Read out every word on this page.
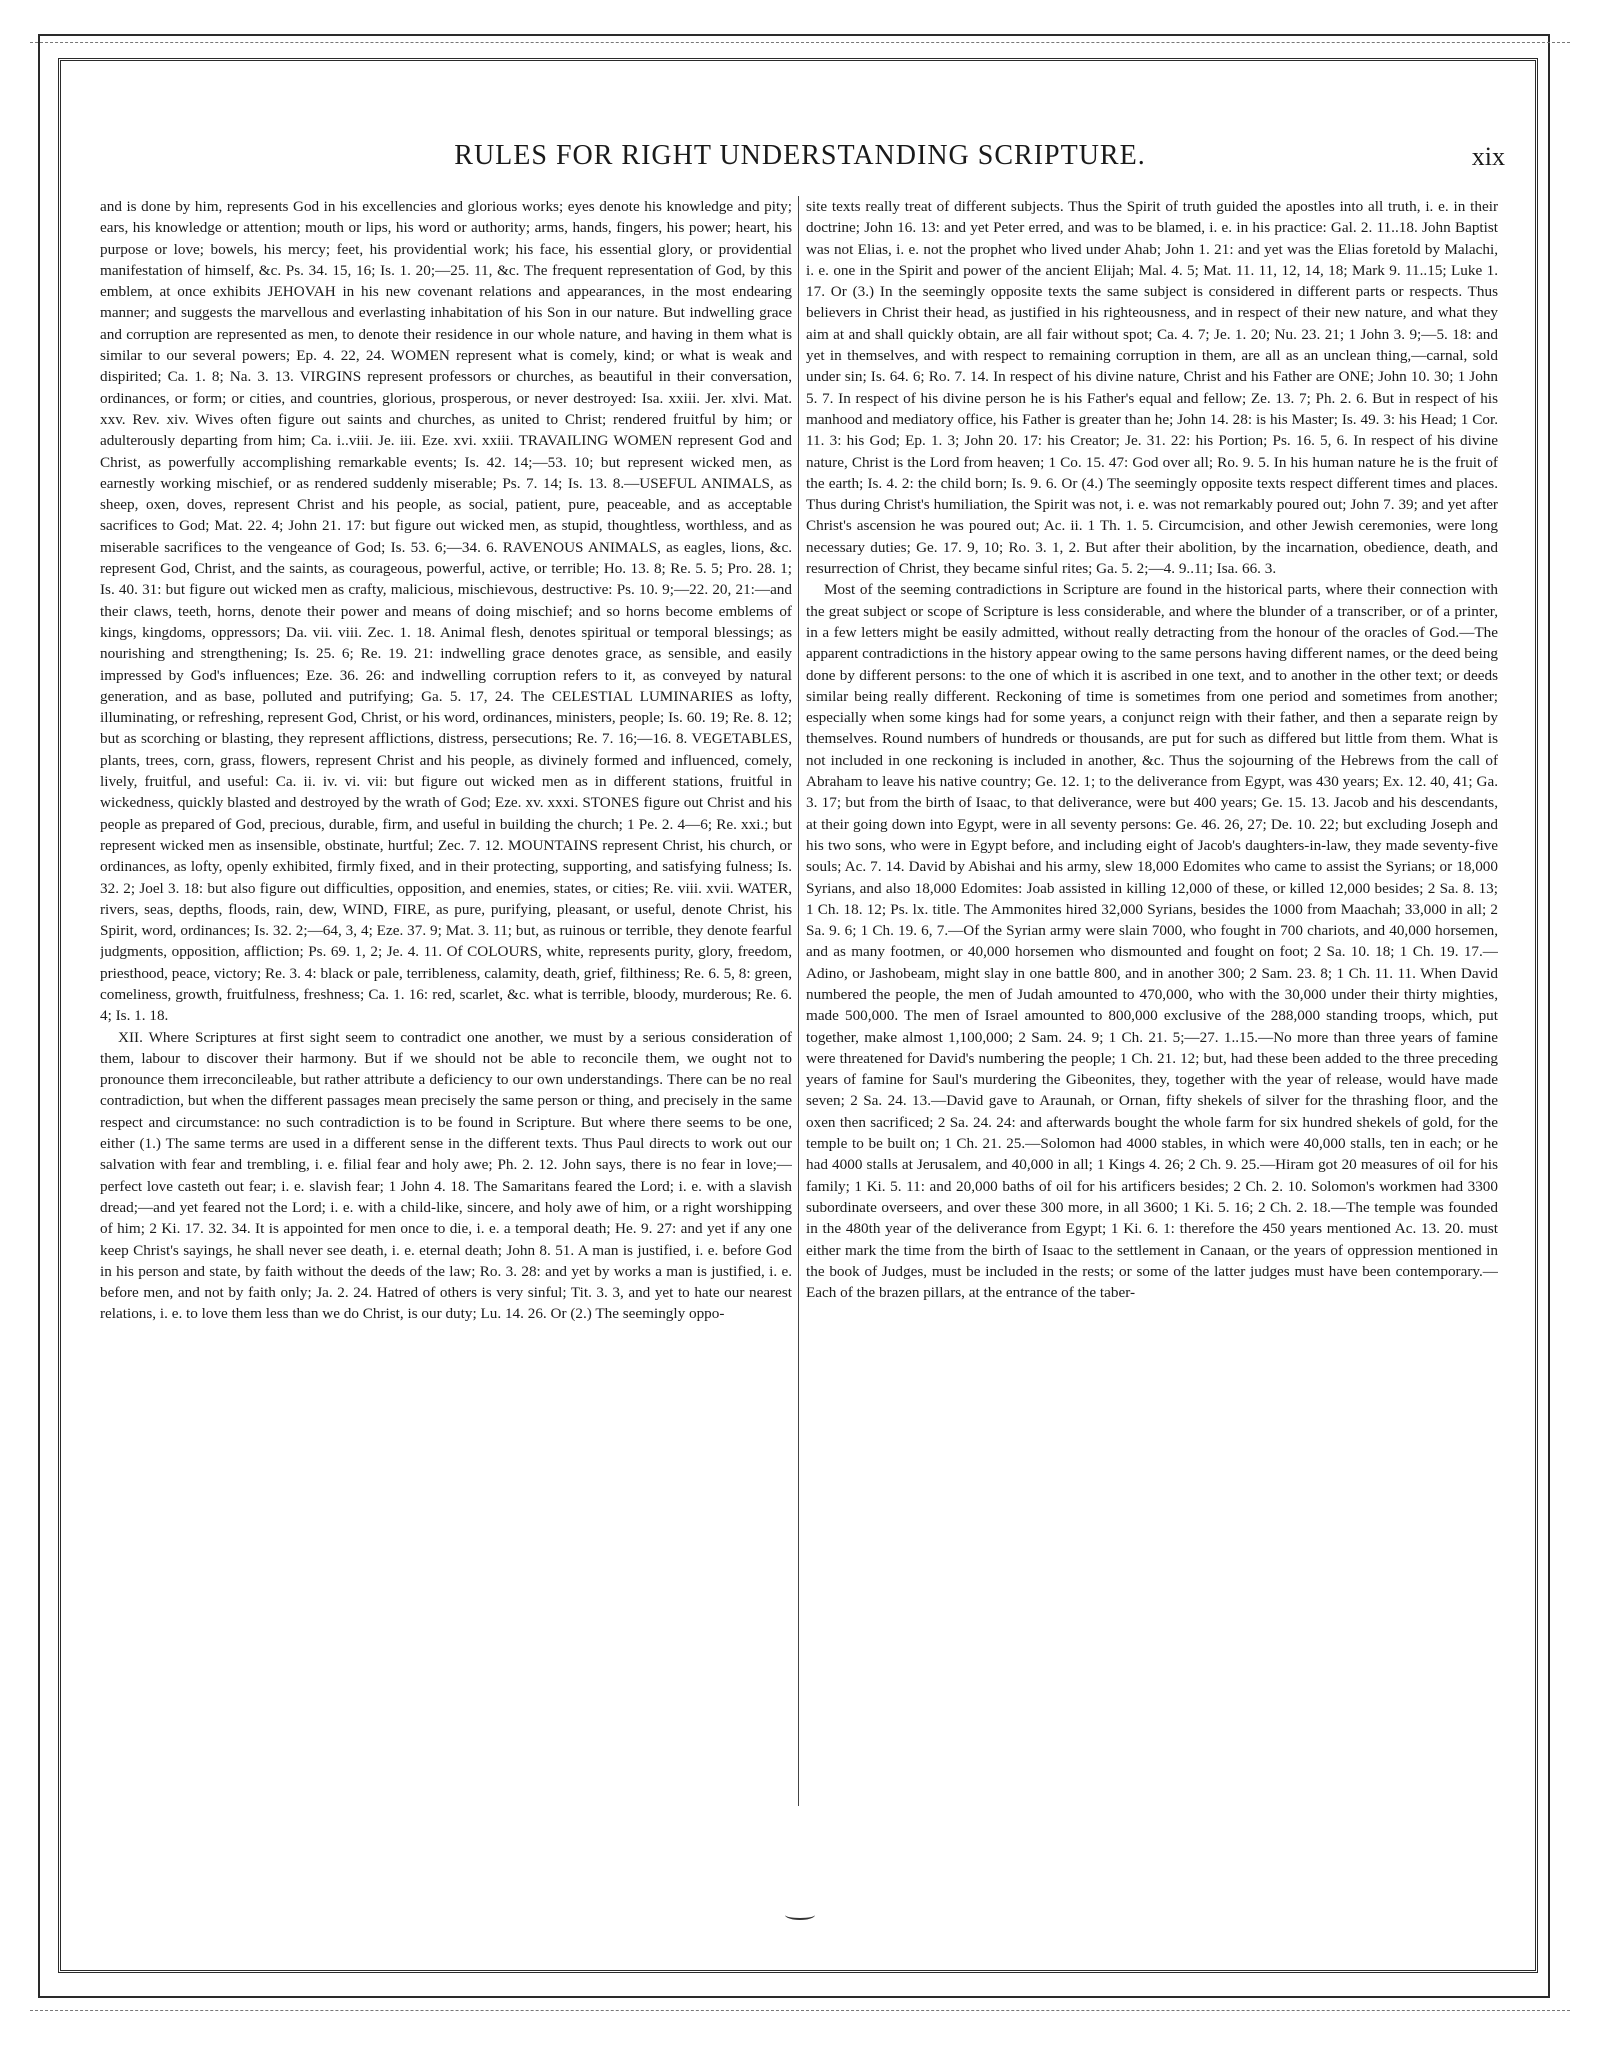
RULES FOR RIGHT UNDERSTANDING SCRIPTURE.	xix

and is done by him, represents God in his excellencies and glorious works; eyes denote his knowledge and pity; ears, his knowledge or attention; mouth or lips, his word or authority; arms, hands, fingers, his power; heart, his purpose or love; bowels, his mercy; feet, his providential work; his face, his essential glory, or providential manifestation of himself, &c. Ps. 34. 15, 16; Is. 1. 20;—25. 11, &c. The frequent representation of God, by this emblem, at once exhibits JEHOVAH in his new covenant relations and appearances, in the most endearing manner; and suggests the marvellous and everlasting inhabitation of his Son in our nature. But indwelling grace and corruption are represented as men, to denote their residence in our whole nature, and having in them what is similar to our several powers; Ep. 4. 22, 24. WOMEN represent what is comely, kind; or what is weak and dispirited; Ca. 1. 8; Na. 3. 13. VIRGINS represent professors or churches, as beautiful in their conversation, ordinances, or form; or cities, and countries, glorious, prosperous, or never destroyed: Isa. xxiii. Jer. xlvi. Mat. xxv. Rev. xiv. Wives often figure out saints and churches, as united to Christ; rendered fruitful by him; or adulterously departing from him; Ca. i..viii. Je. iii. Eze. xvi. xxiii. TRAVAILING WOMEN represent God and Christ, as powerfully accomplishing remarkable events; Is. 42. 14;—53. 10; but represent wicked men, as earnestly working mischief, or as rendered suddenly miserable; Ps. 7. 14; Is. 13. 8.—USEFUL ANIMALS, as sheep, oxen, doves, represent Christ and his people, as social, patient, pure, peaceable, and as acceptable sacrifices to God; Mat. 22. 4; John 21. 17: but figure out wicked men, as stupid, thoughtless, worthless, and as miserable sacrifices to the vengeance of God; Is. 53. 6;—34. 6. RAVENOUS ANIMALS, as eagles, lions, &c. represent God, Christ, and the saints, as courageous, powerful, active, or terrible; Ho. 13. 8; Re. 5. 5; Pro. 28. 1; Is. 40. 31: but figure out wicked men as crafty, malicious, mischievous, destructive: Ps. 10. 9;—22. 20, 21:—and their claws, teeth, horns, denote their power and means of doing mischief; and so horns become emblems of kings, kingdoms, oppressors; Da. vii. viii. Zec. 1. 18. Animal flesh, denotes spiritual or temporal blessings; as nourishing and strengthening; Is. 25. 6; Re. 19. 21: indwelling grace denotes grace, as sensible, and easily impressed by God's influences; Eze. 36. 26: and indwelling corruption refers to it, as conveyed by natural generation, and as base, polluted and putrifying; Ga. 5. 17, 24. The CELESTIAL LUMINARIES as lofty, illuminating, or refreshing, represent God, Christ, or his word, ordinances, ministers, people; Is. 60. 19; Re. 8. 12; but as scorching or blasting, they represent afflictions, distress, persecutions; Re. 7. 16;—16. 8. VEGETABLES, plants, trees, corn, grass, flowers, represent Christ and his people, as divinely formed and influenced, comely, lively, fruitful, and useful: Ca. ii. iv. vi. vii: but figure out wicked men as in different stations, fruitful in wickedness, quickly blasted and destroyed by the wrath of God; Eze. xv. xxxi. STONES figure out Christ and his people as prepared of God, precious, durable, firm, and useful in building the church; 1 Pe. 2. 4—6; Re. xxi.; but represent wicked men as insensible, obstinate, hurtful; Zec. 7. 12. MOUNTAINS represent Christ, his church, or ordinances, as lofty, openly exhibited, firmly fixed, and in their protecting, supporting, and satisfying fulness; Is. 32. 2; Joel 3. 18: but also figure out difficulties, opposition, and enemies, states, or cities; Re. viii. xvii. WATER, rivers, seas, depths, floods, rain, dew, WIND, FIRE, as pure, purifying, pleasant, or useful, denote Christ, his Spirit, word, ordinances; Is. 32. 2;—64, 3, 4; Eze. 37. 9; Mat. 3. 11; but, as ruinous or terrible, they denote fearful judgments, opposition, affliction; Ps. 69. 1, 2; Je. 4. 11. Of COLOURS, white, represents purity, glory, freedom, priesthood, peace, victory; Re. 3. 4: black or pale, terribleness, calamity, death, grief, filthiness; Re. 6. 5, 8: green, comeliness, growth, fruitfulness, freshness; Ca. 1. 16: red, scarlet, &c. what is terrible, bloody, murderous; Re. 6. 4; Is. 1. 18.

XII. Where Scriptures at first sight seem to contradict one another, we must by a serious consideration of them, labour to discover their harmony. But if we should not be able to reconcile them, we ought not to pronounce them irreconcileable, but rather attribute a deficiency to our own understandings. There can be no real contradiction, but when the different passages mean precisely the same person or thing, and precisely in the same respect and circumstance: no such contradiction is to be found in Scripture. But where there seems to be one, either (1.) The same terms are used in a different sense in the different texts. Thus Paul directs to work out our salvation with fear and trembling, i. e. filial fear and holy awe; Ph. 2. 12. John says, there is no fear in love;—perfect love casteth out fear; i. e. slavish fear; 1 John 4. 18. The Samaritans feared the Lord; i. e. with a slavish dread;—and yet feared not the Lord; i. e. with a child-like, sincere, and holy awe of him, or a right worshipping of him; 2 Ki. 17. 32. 34. It is appointed for men once to die, i. e. a temporal death; He. 9. 27: and yet if any one keep Christ's sayings, he shall never see death, i. e. eternal death; John 8. 51. A man is justified, i. e. before God in his person and state, by faith without the deeds of the law; Ro. 3. 28: and yet by works a man is justified, i. e. before men, and not by faith only; Ja. 2. 24. Hatred of others is very sinful; Tit. 3. 3, and yet to hate our nearest relations, i. e. to love them less than we do Christ, is our duty; Lu. 14. 26. Or (2.) The seemingly oppo-

site texts really treat of different subjects. Thus the Spirit of truth guided the apostles into all truth, i. e. in their doctrine; John 16. 13: and yet Peter erred, and was to be blamed, i. e. in his practice: Gal. 2. 11..18. John Baptist was not Elias, i. e. not the prophet who lived under Ahab; John 1. 21: and yet was the Elias foretold by Malachi, i. e. one in the Spirit and power of the ancient Elijah; Mal. 4. 5; Mat. 11. 11, 12, 14, 18; Mark 9. 11..15; Luke 1. 17. Or (3.) In the seemingly opposite texts the same subject is considered in different parts or respects. Thus believers in Christ their head, as justified in his righteousness, and in respect of their new nature, and what they aim at and shall quickly obtain, are all fair without spot; Ca. 4. 7; Je. 1. 20; Nu. 23. 21; 1 John 3. 9;—5. 18: and yet in themselves, and with respect to remaining corruption in them, are all as an unclean thing,—carnal, sold under sin; Is. 64. 6; Ro. 7. 14. In respect of his divine nature, Christ and his Father are ONE; John 10. 30; 1 John 5. 7. In respect of his divine person he is his Father's equal and fellow; Ze. 13. 7; Ph. 2. 6. But in respect of his manhood and mediatory office, his Father is greater than he; John 14. 28: is his Master; Is. 49. 3: his Head; 1 Cor. 11. 3: his God; Ep. 1. 3; John 20. 17: his Creator; Je. 31. 22: his Portion; Ps. 16. 5, 6. In respect of his divine nature, Christ is the Lord from heaven; 1 Co. 15. 47: God over all; Ro. 9. 5. In his human nature he is the fruit of the earth; Is. 4. 2: the child born; Is. 9. 6. Or (4.) The seemingly opposite texts respect different times and places. Thus during Christ's humiliation, the Spirit was not, i. e. was not remarkably poured out; John 7. 39; and yet after Christ's ascension he was poured out; Ac. ii. 1 Th. 1. 5. Circumcision, and other Jewish ceremonies, were long necessary duties; Ge. 17. 9, 10; Ro. 3. 1, 2. But after their abolition, by the incarnation, obedience, death, and resurrection of Christ, they became sinful rites; Ga. 5. 2;—4. 9..11; Isa. 66. 3.

Most of the seeming contradictions in Scripture are found in the historical parts, where their connection with the great subject or scope of Scripture is less considerable, and where the blunder of a transcriber, or of a printer, in a few letters might be easily admitted, without really detracting from the honour of the oracles of God.—The apparent contradictions in the history appear owing to the same persons having different names, or the deed being done by different persons: to the one of which it is ascribed in one text, and to another in the other text; or deeds similar being really different. Reckoning of time is sometimes from one period and sometimes from another; especially when some kings had for some years, a conjunct reign with their father, and then a separate reign by themselves. Round numbers of hundreds or thousands, are put for such as differed but little from them. What is not included in one reckoning is included in another, &c. Thus the sojourning of the Hebrews from the call of Abraham to leave his native country; Ge. 12. 1; to the deliverance from Egypt, was 430 years; Ex. 12. 40, 41; Ga. 3. 17; but from the birth of Isaac, to that deliverance, were but 400 years; Ge. 15. 13. Jacob and his descendants, at their going down into Egypt, were in all seventy persons: Ge. 46. 26, 27; De. 10. 22; but excluding Joseph and his two sons, who were in Egypt before, and including eight of Jacob's daughters-in-law, they made seventy-five souls; Ac. 7. 14. David by Abishai and his army, slew 18,000 Edomites who came to assist the Syrians; or 18,000 Syrians, and also 18,000 Edomites: Joab assisted in killing 12,000 of these, or killed 12,000 besides; 2 Sa. 8. 13; 1 Ch. 18. 12; Ps. lx. title. The Ammonites hired 32,000 Syrians, besides the 1000 from Maachah; 33,000 in all; 2 Sa. 9. 6; 1 Ch. 19. 6, 7.—Of the Syrian army were slain 7000, who fought in 700 chariots, and 40,000 horsemen, and as many footmen, or 40,000 horsemen who dismounted and fought on foot; 2 Sa. 10. 18; 1 Ch. 19. 17.—Adino, or Jashobeam, might slay in one battle 800, and in another 300; 2 Sam. 23. 8; 1 Ch. 11. 11. When David numbered the people, the men of Judah amounted to 470,000, who with the 30,000 under their thirty mighties, made 500,000. The men of Israel amounted to 800,000 exclusive of the 288,000 standing troops, which, put together, make almost 1,100,000; 2 Sam. 24. 9; 1 Ch. 21. 5;—27. 1..15.—No more than three years of famine were threatened for David's numbering the people; 1 Ch. 21. 12; but, had these been added to the three preceding years of famine for Saul's murdering the Gibeonites, they, together with the year of release, would have made seven; 2 Sa. 24. 13.—David gave to Araunah, or Ornan, fifty shekels of silver for the thrashing floor, and the oxen then sacrificed; 2 Sa. 24. 24: and afterwards bought the whole farm for six hundred shekels of gold, for the temple to be built on; 1 Ch. 21. 25.—Solomon had 4000 stables, in which were 40,000 stalls, ten in each; or he had 4000 stalls at Jerusalem, and 40,000 in all; 1 Kings 4. 26; 2 Ch. 9. 25.—Hiram got 20 measures of oil for his family; 1 Ki. 5. 11: and 20,000 baths of oil for his artificers besides; 2 Ch. 2. 10. Solomon's workmen had 3300 subordinate overseers, and over these 300 more, in all 3600; 1 Ki. 5. 16; 2 Ch. 2. 18.—The temple was founded in the 480th year of the deliverance from Egypt; 1 Ki. 6. 1: therefore the 450 years mentioned Ac. 13. 20. must either mark the time from the birth of Isaac to the settlement in Canaan, or the years of oppression mentioned in the book of Judges, must be included in the rests; or some of the latter judges must have been contemporary.—Each of the brazen pillars, at the entrance of the taber-
